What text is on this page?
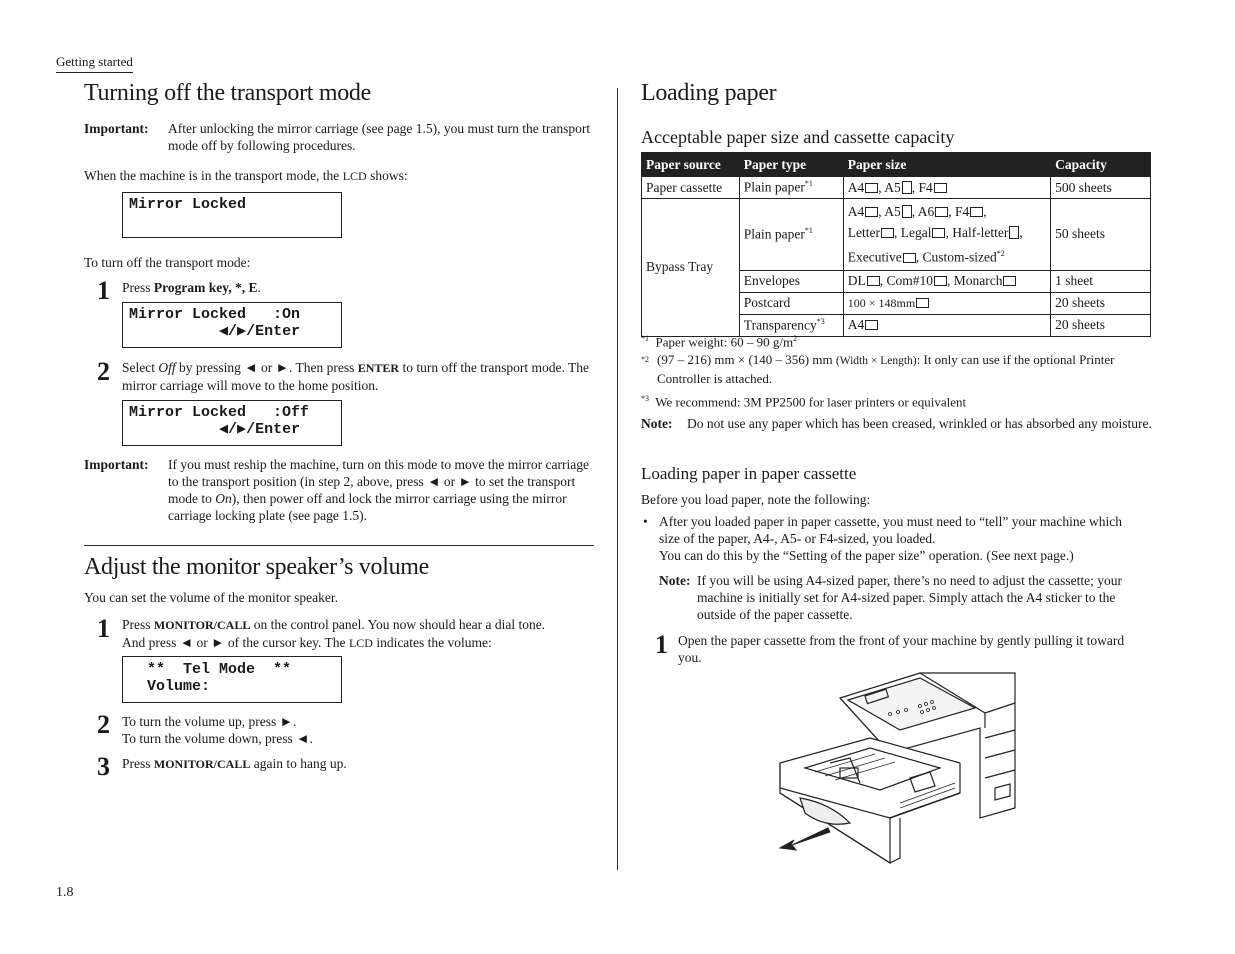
Getting started
Turning off the transport mode
Important: After unlocking the mirror carriage (see page 1.5), you must turn the transport mode off by following procedures.
When the machine is in the transport mode, the LCD shows:
Mirror Locked
To turn off the transport mode:
1 Press Program key, *, E.
Mirror Locked   :On
◀/▶/Enter
2 Select Off by pressing ◄ or ►. Then press ENTER to turn off the transport mode. The mirror carriage will move to the home position.
Mirror Locked   :Off
◀/▶/Enter
Important: If you must reship the machine, turn on this mode to move the mirror carriage to the transport position (in step 2, above, press ◄ or ► to set the transport mode to On), then power off and lock the mirror carriage using the mirror carriage locking plate (see page 1.5).
Adjust the monitor speaker’s volume
You can set the volume of the monitor speaker.
1 Press MONITOR/CALL on the control panel. You now should hear a dial tone.
And press ◄ or ► of the cursor key. The LCD indicates the volume:
**  Tel Mode  **
Volume:
2 To turn the volume up, press ►.
To turn the volume down, press ◄.
3 Press MONITOR/CALL again to hang up.
1.8
Loading paper
Acceptable paper size and cassette capacity
Paper source	Paper type	Paper size	Capacity
Paper cassette	Plain paper$^{*1}$	A4 , A5 , F4	500 sheets
Bypass Tray	Plain paper$^{*1}$	A4 , A5 , A6 , F4 ,
Letter , Legal , Half-letter ,
Executive , Custom-sized$^{*2}$	50 sheets
	Envelopes	DL , Com#10 , Monarch	1 sheet
	Postcard	100 × 148mm	20 sheets
	Transparency$^{*3}$	A4	20 sheets
$^{*1}$ Paper weight: 60 – 90 $g/m^2$
$^{*2}$ (97 – 216) mm × (140 – 356) mm (Width × Length): It only can use if the optional Printer Controller is attached.
$^{*3}$ We recommend: 3M PP2500 for laser printers or equivalent
Note: Do not use any paper which has been creased, wrinkled or has absorbed any moisture.
Loading paper in paper cassette
Before you load paper, note the following:
• After you loaded paper in paper cassette, you must need to “tell” your machine which size of the paper, A4-, A5- or F4-sized, you loaded.
You can do this by the “Setting of the paper size” operation. (See next page.)
Note: If you will be using A4-sized paper, there’s no need to adjust the cassette; your machine is initially set for A4-sized paper. Simply attach the A4 sticker to the outside of the paper cassette.
1 Open the paper cassette from the front of your machine by gently pulling it toward you.
